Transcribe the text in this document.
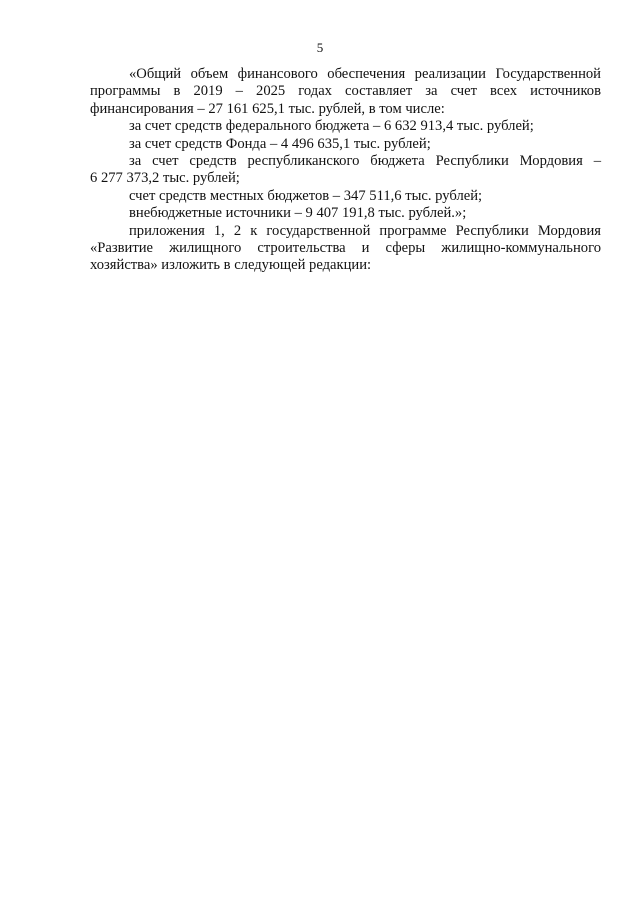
5
«Общий объем финансового обеспечения реализации Государственной
программы в 2019 – 2025 годах составляет за счет всех источников
финансирования – 27 161 625,1 тыс. рублей, в том числе:
за счет средств федерального бюджета – 6 632 913,4 тыс. рублей;
за счет средств Фонда – 4 496 635,1 тыс. рублей;
за счет средств республиканского бюджета Республики Мордовия –
6 277 373,2 тыс. рублей;
счет средств местных бюджетов – 347 511,6 тыс. рублей;
внебюджетные источники – 9 407 191,8 тыс. рублей.»;
приложения 1, 2 к государственной программе Республики Мордовия
«Развитие жилищного строительства и сферы жилищно-коммунального
хозяйства» изложить в следующей редакции:
